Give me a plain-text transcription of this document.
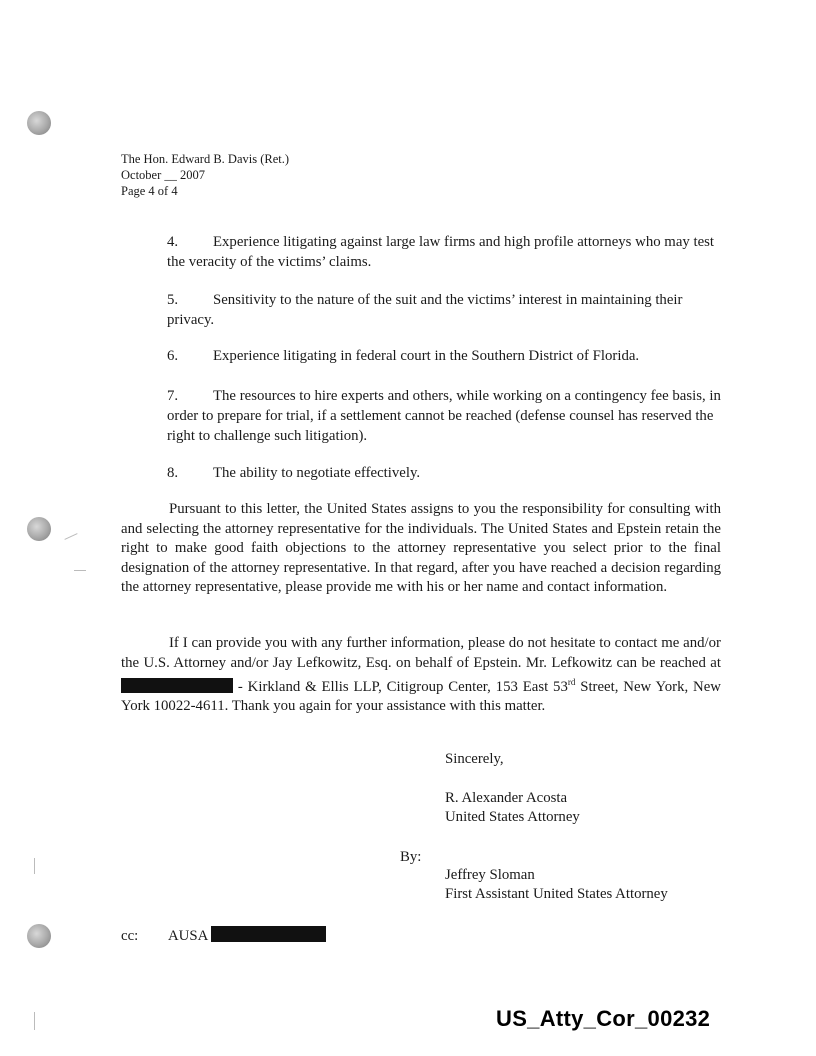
The Hon. Edward B. Davis (Ret.)
October __ 2007
Page 4 of 4
4. Experience litigating against large law firms and high profile attorneys who may test the veracity of the victims’ claims.
5. Sensitivity to the nature of the suit and the victims’ interest in maintaining their privacy.
6. Experience litigating in federal court in the Southern District of Florida.
7. The resources to hire experts and others, while working on a contingency fee basis, in order to prepare for trial, if a settlement cannot be reached (defense counsel has reserved the right to challenge such litigation).
8. The ability to negotiate effectively.
Pursuant to this letter, the United States assigns to you the responsibility for consulting with and selecting the attorney representative for the individuals. The United States and Epstein retain the right to make good faith objections to the attorney representative you select prior to the final designation of the attorney representative. In that regard, after you have reached a decision regarding the attorney representative, please provide me with his or her name and contact information.
If I can provide you with any further information, please do not hesitate to contact me and/or the U.S. Attorney and/or Jay Lefkowitz, Esq. on behalf of Epstein. Mr. Lefkowitz can be reached at  - Kirkland & Ellis LLP, Citigroup Center, 153 East 53rd Street, New York, New York 10022-4611. Thank you again for your assistance with this matter.
Sincerely,
R. Alexander Acosta
United States Attorney
By:
Jeffrey Sloman
First Assistant United States Attorney
cc: AUSA
US_Atty_Cor_00232
